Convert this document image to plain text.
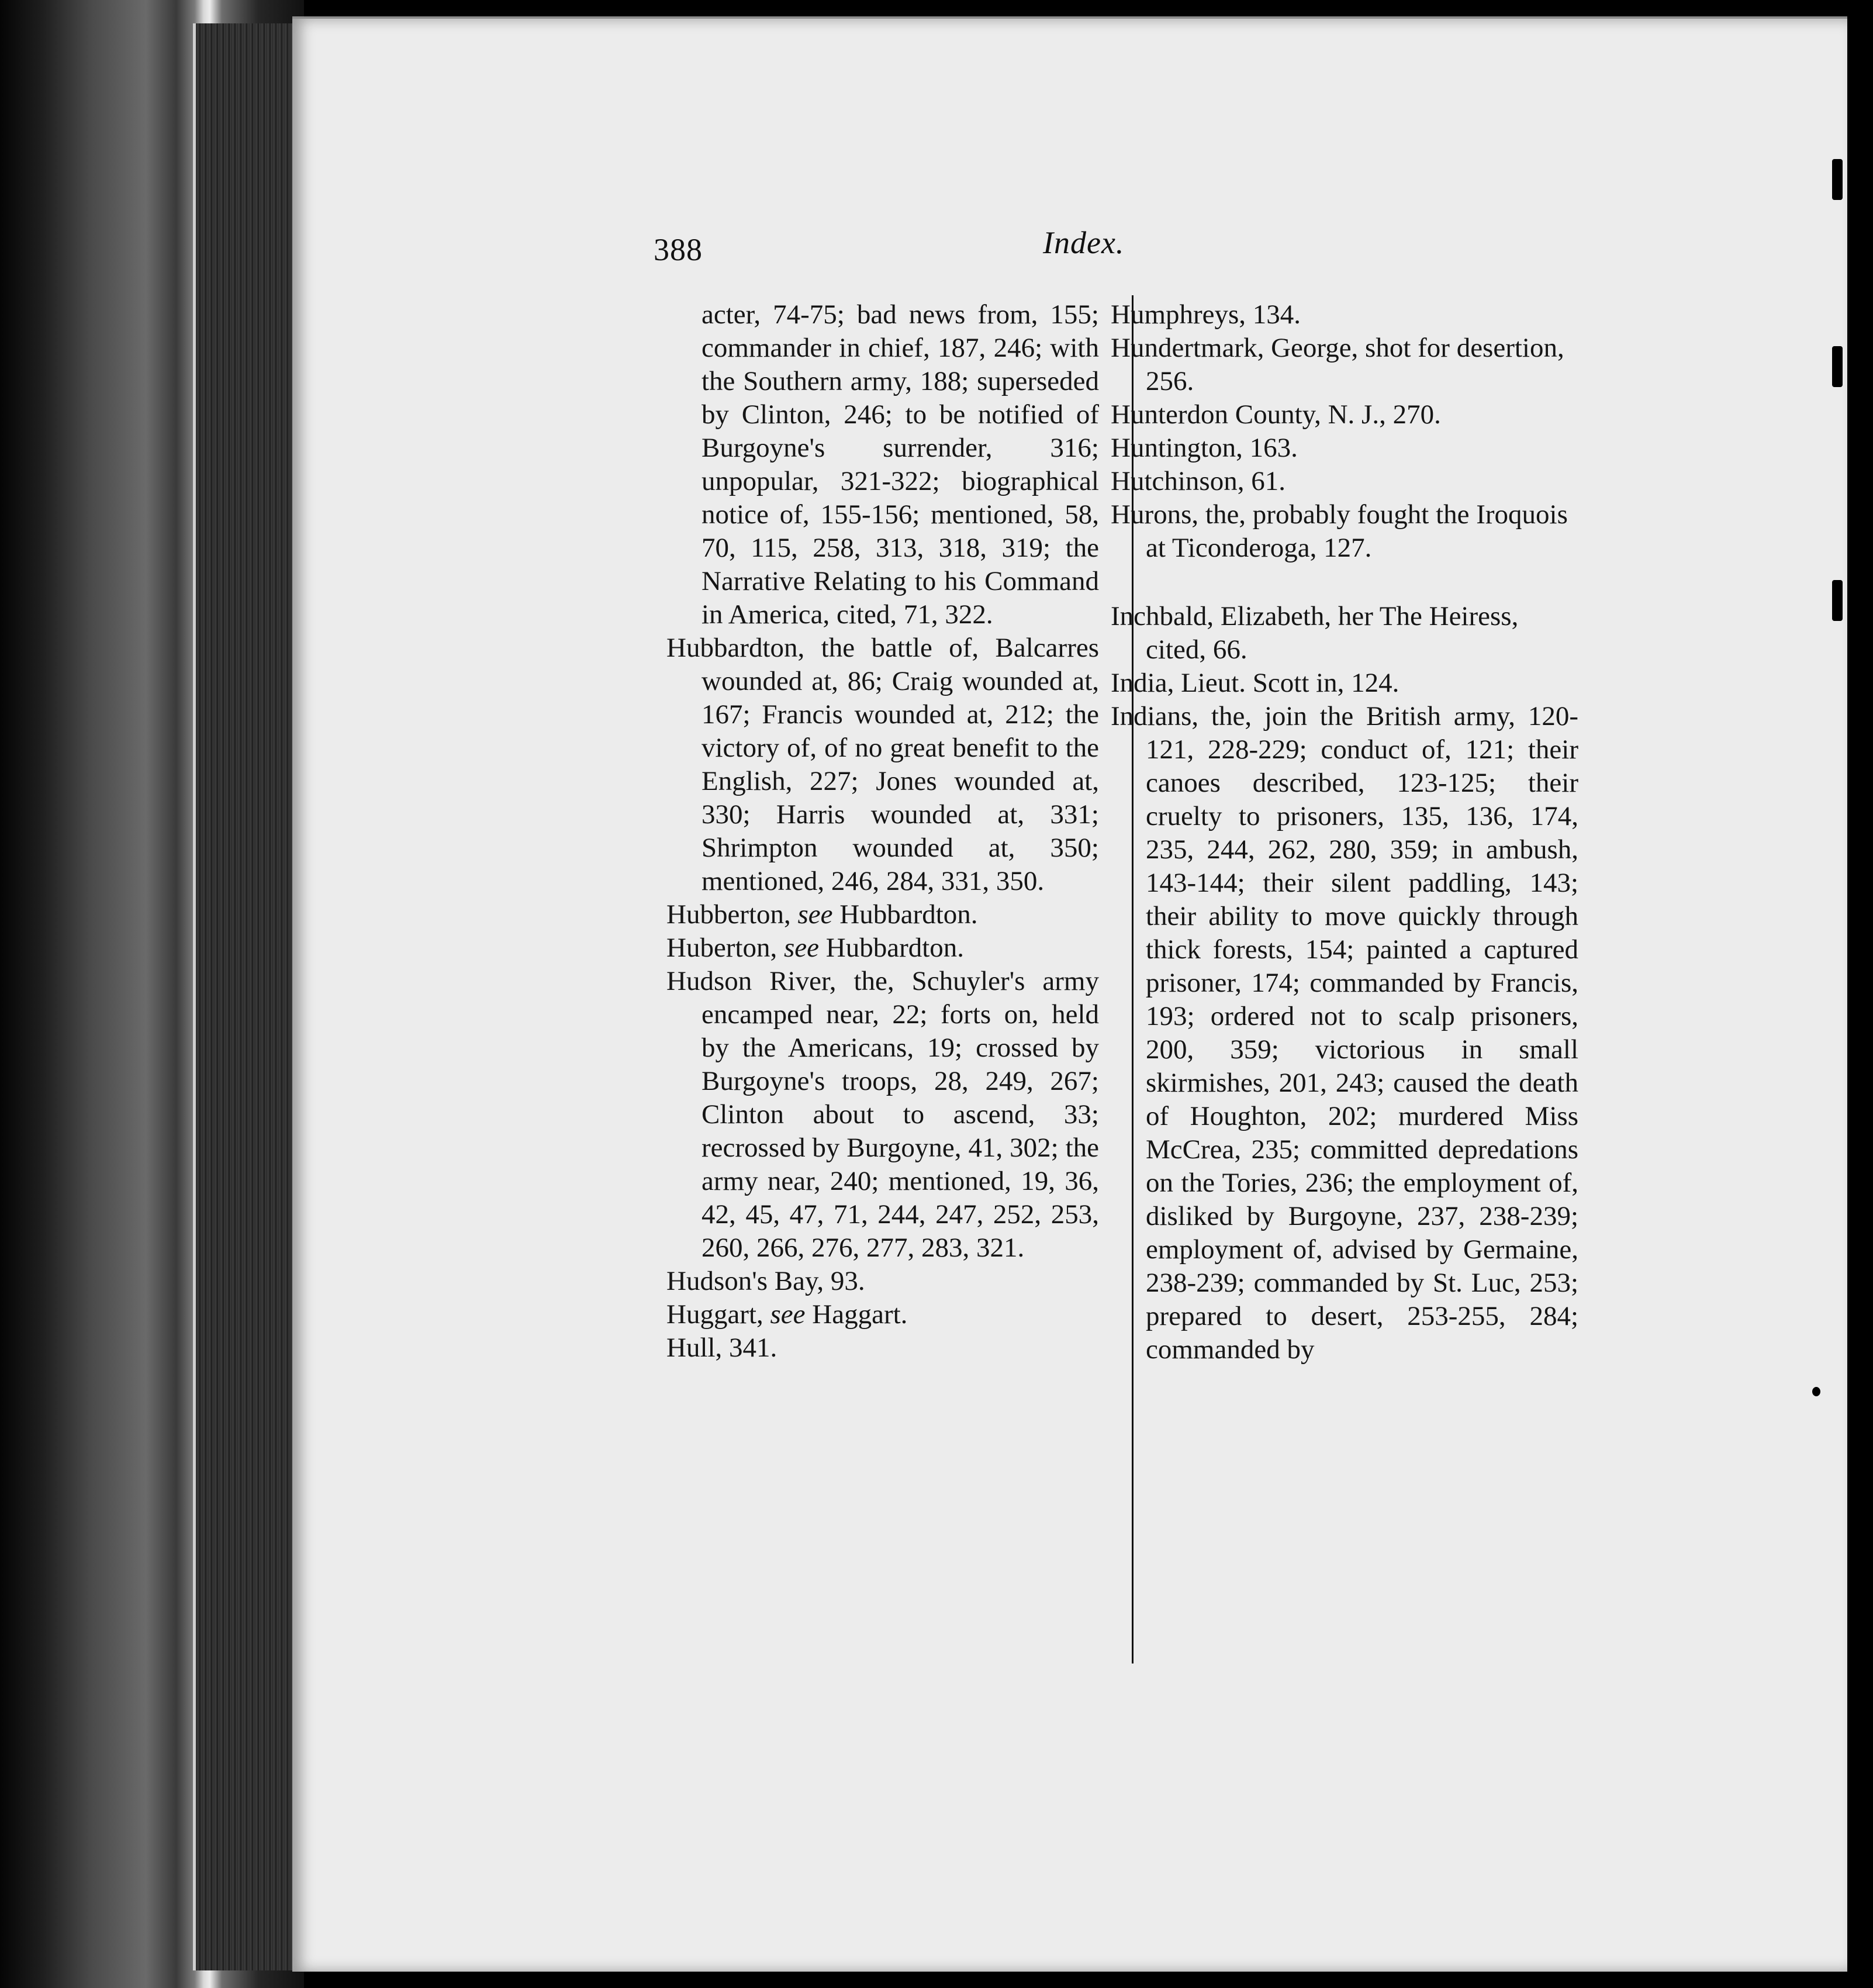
388	Index.

acter, 74-75; bad news from, 155; commander in chief, 187, 246; with the Southern army, 188; superseded by Clinton, 246; to be notified of Burgoyne's surrender, 316; unpopular, 321-322; biographical notice of, 155-156; mentioned, 58, 70, 115, 258, 313, 318, 319; the Narrative Relating to his Command in America, cited, 71, 322.

Hubbardton, the battle of, Balcarres wounded at, 86; Craig wounded at, 167; Francis wounded at, 212; the victory of, of no great benefit to the English, 227; Jones wounded at, 330; Harris wounded at, 331; Shrimpton wounded at, 350; mentioned, 246, 284, 331, 350.

Hubberton, see Hubbardton.

Huberton, see Hubbardton.

Hudson River, the, Schuyler's army encamped near, 22; forts on, held by the Americans, 19; crossed by Burgoyne's troops, 28, 249, 267; Clinton about to ascend, 33; recrossed by Burgoyne, 41, 302; the army near, 240; mentioned, 19, 36, 42, 45, 47, 71, 244, 247, 252, 253, 260, 266, 276, 277, 283, 321.

Hudson's Bay, 93.

Huggart, see Haggart.

Hull, 341.

Humphreys, 134.

Hundertmark, George, shot for desertion, 256.

Hunterdon County, N. J., 270.

Huntington, 163.

Hutchinson, 61.

Hurons, the, probably fought the Iroquois at Ticonderoga, 127.

Inchbald, Elizabeth, her The Heiress, cited, 66.

India, Lieut. Scott in, 124.

Indians, the, join the British army, 120-121, 228-229; conduct of, 121; their canoes described, 123-125; their cruelty to prisoners, 135, 136, 174, 235, 244, 262, 280, 359; in ambush, 143-144; their silent paddling, 143; their ability to move quickly through thick forests, 154; painted a captured prisoner, 174; commanded by Francis, 193; ordered not to scalp prisoners, 200, 359; victorious in small skirmishes, 201, 243; caused the death of Houghton, 202; murdered Miss McCrea, 235; committed depredations on the Tories, 236; the employment of, disliked by Burgoyne, 237, 238-239; employment of, advised by Germaine, 238-239; commanded by St. Luc, 253; prepared to desert, 253-255, 284; commanded by
